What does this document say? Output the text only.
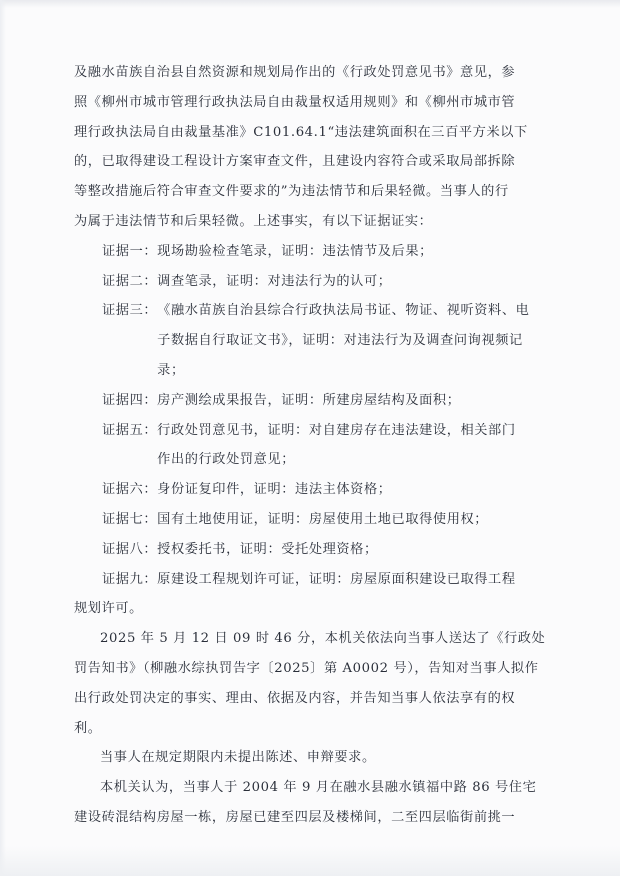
及融水苗族自治县自然资源和规划局作出的《行政处罚意见书》意见，参
照《柳州市城市管理行政执法局自由裁量权适用规则》和《柳州市城市管
理行政执法局自由裁量基准》C101.64.1“违法建筑面积在三百平方米以下
的，已取得建设工程设计方案审查文件，且建设内容符合或采取局部拆除
等整改措施后符合审查文件要求的”为违法情节和后果轻微。当事人的行
为属于违法情节和后果轻微。上述事实，有以下证据证实：
证据一： 现场勘验检查笔录，证明：违法情节及后果；
证据二： 调查笔录，证明：对违法行为的认可；
证据三： 《融水苗族自治县综合行政执法局书证、物证、视听资料、电
子数据自行取证文书》，证明：对违法行为及调查问询视频记
录；
证据四： 房产测绘成果报告，证明：所建房屋结构及面积；
证据五： 行政处罚意见书，证明：对自建房存在违法建设，相关部门
作出的行政处罚意见；
证据六： 身份证复印件，证明：违法主体资格；
证据七： 国有土地使用证，证明：房屋使用土地已取得使用权；
证据八： 授权委托书，证明：受托处理资格；
证据九：原建设工程规划许可证，证明：房屋原面积建设已取得工程
规划许可。
2025 年 5 月 12 日 09 时 46 分，本机关依法向当事人送达了《行政处
罚告知书》（柳融水综执罚告字〔2025〕第 A0002 号），告知对当事人拟作
出行政处罚决定的事实、理由、依据及内容，并告知当事人依法享有的权
利。
当事人在规定期限内未提出陈述、申辩要求。
本机关认为，当事人于 2004 年 9 月在融水县融水镇福中路 86 号住宅
建设砖混结构房屋一栋，房屋已建至四层及楼梯间，二至四层临街前挑一
